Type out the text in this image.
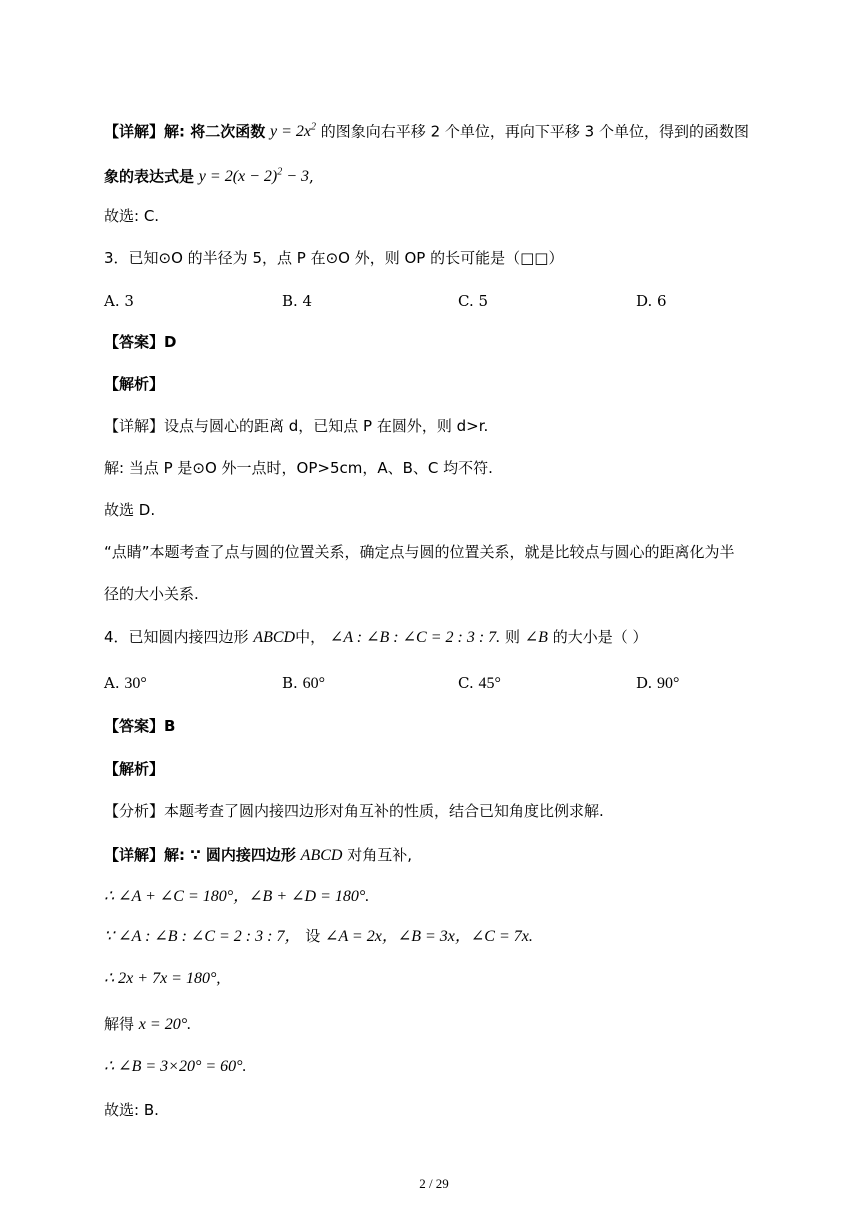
【详解】解: 将二次函数 $y = 2x^2$ 的图象向右平移 2 个单位，再向下平移 3 个单位，得到的函数图
象的表达式是 $y = 2(x - 2)^2 - 3$,
故选: C.
3．已知⊙O 的半径为 5，点 P 在⊙O 外，则 OP 的长可能是（□□）
A. 3	B. 4	C. 5	D. 6
【答案】D
【解析】
【详解】设点与圆心的距离 d，已知点 P 在圆外，则 d>r.
解: 当点 P 是⊙O 外一点时，OP>5cm，A、B、C 均不符.
故选 D.
“点睛”本题考查了点与圆的位置关系，确定点与圆的位置关系，就是比较点与圆心的距离化为半
径的大小关系.
4．已知圆内接四边形 ABCD中， ∠A : ∠B : ∠C = 2 : 3 : 7. 则 ∠B 的大小是（ ）
A. 30°	B. 60°	C. 45°	D. 90°
【答案】B
【解析】
【分析】本题考查了圆内接四边形对角互补的性质，结合已知角度比例求解.
【详解】解: ∵ 圆内接四边形 ABCD 对角互补,
∴ ∠A + ∠C = 180°，∠B + ∠D = 180°.
∵ ∠A : ∠B : ∠C = 2 : 3 : 7， 设 ∠A = 2x，∠B = 3x，∠C = 7x.
∴ 2x + 7x = 180°,
解得 x = 20°.
∴ ∠B = 3×20° = 60°.
故选: B.
2 / 29
